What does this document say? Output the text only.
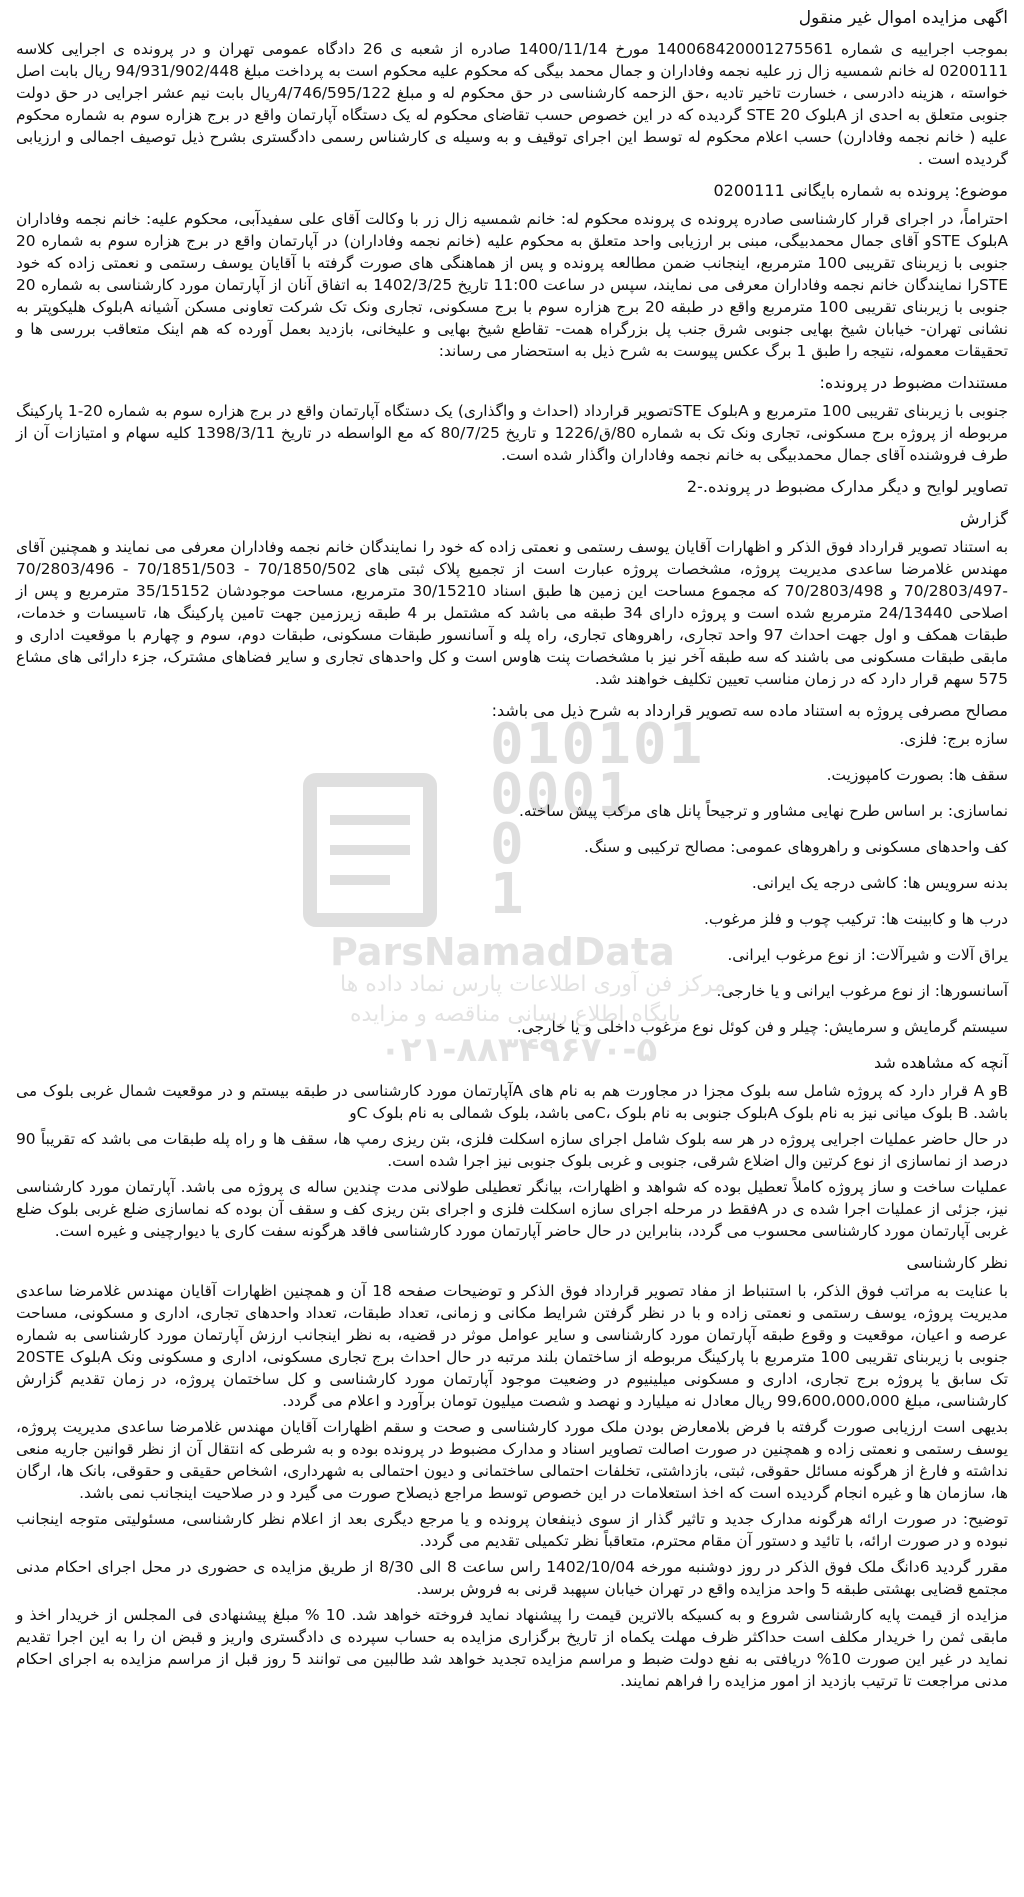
اگهی مزایده اموال غیر منقول

بموجب اجراییه ی شماره 140068420001275561 مورخ 1400/11/14 صادره از شعبه ی 26 دادگاه عمومی تهران و در پرونده ی اجرایی کلاسه 0200111 له خانم شمسیه زال زر علیه نجمه وفاداران و جمال محمد بیگی که محکوم علیه محکوم است به پرداخت مبلغ 94/931/902/448 ریال بابت اصل خواسته ، هزینه دادرسی ، خسارت تاخیر تادیه ،حق الزحمه کارشناسی در حق محکوم له و مبلغ 4/746/595/122ریال بابت نیم عشر اجرایی در حق دولت جنوبی متعلق به احدی از Aبلوک STE 20 گردیده که در این خصوص حسب تقاضای محکوم له یک دستگاه آپارتمان واقع در برج هزاره سوم به شماره محکوم علیه ( خانم نجمه وفادارن) حسب اعلام محکوم له توسط این اجرای توقیف و به وسیله ی کارشناس رسمی دادگستری بشرح ذیل توصیف اجمالی و ارزیابی گردیده است .

موضوع: پرونده به شماره بایگانی 0200111

احتراماً، در اجرای قرار کارشناسی صادره پرونده ی پرونده محکوم له: خانم شمسیه زال زر با وکالت آقای علی سفیدآبی، محکوم علیه: خانم نجمه وفاداران Aبلوک STEو آقای جمال محمدبیگی، مبنی بر ارزیابی واحد متعلق به محکوم علیه (خانم نجمه وفاداران) در آپارتمان واقع در برج هزاره سوم به شماره 20 جنوبی با زیربنای تقریبی 100 مترمربع، اینجانب ضمن مطالعه پرونده و پس از هماهنگی های صورت گرفته با آقایان یوسف رستمی و نعمتی زاده که خود STEرا نمایندگان خانم نجمه وفاداران معرفی می نمایند، سپس در ساعت 11:00 تاریخ 1402/3/25 به اتفاق آنان از آپارتمان مورد کارشناسی به شماره 20 جنوبی با زیربنای تقریبی 100 مترمربع واقع در طبقه 20 برج هزاره سوم با برج مسکونی، تجاری ونک تک شرکت تعاونی مسکن آشیانه Aبلوک هلیکوپتر به نشانی تهران- خیابان شیخ بهایی جنوبی شرق جنب پل بزرگراه همت- تقاطع شیخ بهایی و علیخانی، بازدید بعمل آورده که هم اینک متعاقب بررسی ها و تحقیقات معموله، نتیجه را طبق 1 برگ عکس پیوست به شرح ذیل به استحضار می رساند:

مستندات مضبوط در پرونده:

جنوبی با زیربنای تقریبی 100 مترمربع و Aبلوک STEتصویر قرارداد (احداث و واگذاری) یک دستگاه آپارتمان واقع در برج هزاره سوم به شماره 20-1 پارکینگ مربوطه از پروژه برج مسکونی، تجاری ونک تک به شماره 80/ق/1226 و تاریخ 80/7/25 که مع الواسطه در تاریخ 1398/3/11 کلیه سهام و امتیازات آن از طرف فروشنده آقای جمال محمدبیگی به خانم نجمه وفاداران واگذار شده است.

تصاویر لوایح و دیگر مدارک مضبوط در پرونده.-2
گزارش

به استناد تصویر قرارداد فوق الذکر و اظهارات آقایان یوسف رستمی و نعمتی زاده که خود را نمایندگان خانم نجمه وفاداران معرفی می نمایند و همچنین آقای مهندس غلامرضا ساعدی مدیریت پروژه، مشخصات پروژه عبارت است از تجمیع پلاک ثبتی های 70/1850/502 - 70/1851/503 - 70/2803/496 -70/2803/497 و 70/2803/498 که مجموع مساحت این زمین ها طبق اسناد 30/15210 مترمربع، مساحت موجودشان 35/15152 مترمربع و پس از اصلاحی 24/13440 مترمربع شده است و پروژه دارای 34 طبقه می باشد که مشتمل بر 4 طبقه زیرزمین جهت تامین پارکینگ ها، تاسیسات و خدمات، طبقات همکف و اول جهت احداث 97 واحد تجاری، راهروهای تجاری، راه پله و آسانسور طبقات مسکونی، طبقات دوم، سوم و چهارم با موقعیت اداری و مابقی طبقات مسکونی می باشند که سه طبقه آخر نیز با مشخصات پنت هاوس است و کل واحدهای تجاری و سایر فضاهای مشترک، جزء دارائی های مشاع 575 سهم قرار دارد که در زمان مناسب تعیین تکلیف خواهند شد.

مصالح مصرفی پروژه به استناد ماده سه تصویر قرارداد به شرح ذیل می باشد:
سازه برج: فلزی.
سقف ها: بصورت کامپوزیت.
نماسازی: بر اساس طرح نهایی مشاور و ترجیحاً پانل های مرکب پیش ساخته.
کف واحدهای مسکونی و راهروهای عمومی: مصالح ترکیبی و سنگ.
بدنه سرویس ها: کاشی درجه یک ایرانی.
درب ها و کابینت ها: ترکیب چوب و فلز مرغوب.
یراق آلات و شیرآلات: از نوع مرغوب ایرانی.
آسانسورها: از نوع مرغوب ایرانی و یا خارجی.
سیستم گرمایش و سرمایش: چیلر و فن کوئل نوع مرغوب داخلی و یا خارجی.
آنچه که مشاهده شد

Bو A قرار دارد که پروژه شامل سه بلوک مجزا در مجاورت هم به نام های Aآپارتمان مورد کارشناسی در طبقه بیستم و در موقعیت شمال غربی بلوک می باشد. B بلوک میانی نیز به نام بلوک Aبلوک جنوبی به نام بلوک ،Cمی باشد، بلوک شمالی به نام بلوک Cو

در حال حاضر عملیات اجرایی پروژه در هر سه بلوک شامل اجرای سازه اسکلت فلزی، بتن ریزی رمپ ها، سقف ها و راه پله طبقات می باشد که تقریباً 90 درصد از نماسازی از نوع کرتین وال اضلاع شرقی، جنوبی و غربی بلوک جنوبی نیز اجرا شده است.

عملیات ساخت و ساز پروژه کاملاً تعطیل بوده که شواهد و اظهارات، بیانگر تعطیلی طولانی مدت چندین ساله ی پروژه می باشد. آپارتمان مورد کارشناسی نیز، جزئی از عملیات اجرا شده ی در Aفقط در مرحله اجرای سازه اسکلت فلزی و اجرای بتن ریزی کف و سقف آن بوده که نماسازی ضلع غربی بلوک ضلع غربی آپارتمان مورد کارشناسی محسوب می گردد، بنابراین در حال حاضر آپارتمان مورد کارشناسی فاقد هرگونه سفت کاری یا دیوارچینی و غیره است.

نظر کارشناسی

با عنایت به مراتب فوق الذکر، با استنباط از مفاد تصویر قرارداد فوق الذکر و توضیحات صفحه 18 آن و همچنین اظهارات آقایان مهندس غلامرضا ساعدی مدیریت پروژه، یوسف رستمی و نعمتی زاده و با در نظر گرفتن شرایط مکانی و زمانی، تعداد طبقات، تعداد واحدهای تجاری، اداری و مسکونی، مساحت عرصه و اعیان، موقعیت و وقوع طبقه آپارتمان مورد کارشناسی و سایر عوامل موثر در قضیه، به نظر اینجانب ارزش آپارتمان مورد کارشناسی به شماره جنوبی با زیربنای تقریبی 100 مترمربع با پارکینگ مربوطه از ساختمان بلند مرتبه در حال احداث برج تجاری مسکونی، اداری و مسکونی ونک Aبلوک 20STE تک سابق یا پروژه برج تجاری، اداری و مسکونی میلینیوم در وضعیت موجود آپارتمان مورد کارشناسی و کل ساختمان پروژه، در زمان تقدیم گزارش کارشناسی، مبلغ 99،600،000،000 ریال معادل نه میلیارد و نهصد و شصت میلیون تومان برآورد و اعلام می گردد.

بدیهی است ارزیابی صورت گرفته با فرض بلامعارض بودن ملک مورد کارشناسی و صحت و سقم اظهارات آقایان مهندس غلامرضا ساعدی مدیریت پروژه، یوسف رستمی و نعمتی زاده و همچنین در صورت اصالت تصاویر اسناد و مدارک مضبوط در پرونده بوده و به شرطی که انتقال آن از نظر قوانین جاریه منعی نداشته و فارغ از هرگونه مسائل حقوقی، ثبتی، بازداشتی، تخلفات احتمالی ساختمانی و دیون احتمالی به شهرداری، اشخاص حقیقی و حقوقی، بانک ها، ارگان ها، سازمان ها و غیره انجام گردیده است که اخذ استعلامات در این خصوص توسط مراجع ذیصلاح صورت می گیرد و در صلاحیت اینجانب نمی باشد.

توضیح: در صورت ارائه هرگونه مدارک جدید و تاثیر گذار از سوی ذینفعان پرونده و یا مرجع دیگری بعد از اعلام نظر کارشناسی، مسئولیتی متوجه اینجانب نبوده و در صورت ارائه، با تائید و دستور آن مقام محترم، متعاقباً نظر تکمیلی تقدیم می گردد.

مقرر گردید 6دانگ ملک فوق الذکر در روز دوشنبه مورخه 1402/10/04 راس ساعت 8 الی 8/30 از طریق مزایده ی حضوری در محل اجرای احکام مدنی مجتمع قضایی بهشتی طبقه 5 واحد مزایده واقع در تهران خیابان سپهبد قرنی به فروش برسد.

مزایده از قیمت پایه کارشناسی شروع و به کسیکه بالاترین قیمت را پیشنهاد نماید فروخته خواهد شد. 10 % مبلغ پیشنهادی فی المجلس از خریدار اخذ و مابقی ثمن را خریدار مکلف است حداکثر ظرف مهلت یکماه از تاریخ برگزاری مزایده به حساب سپرده ی دادگستری واریز و قبض ان را به این اجرا تقدیم نماید در غیر این صورت 10% دریافتی به نفع دولت ضبط و مراسم مزایده تجدید خواهد شد طالبین می توانند 5 روز قبل از مراسم مزایده به اجرای احکام مدنی مراجعت تا ترتیب بازدید از امور مزایده را فراهم نمایند.

010101
0001
0
1
ParsNamadData
مرکز فن آوری اطلاعات پارس نماد داده ها
پایگاه اطلاع رسانی مناقصه و مزایده
۰۲۱-۸۸۳۴۹۶۷۰-۵
